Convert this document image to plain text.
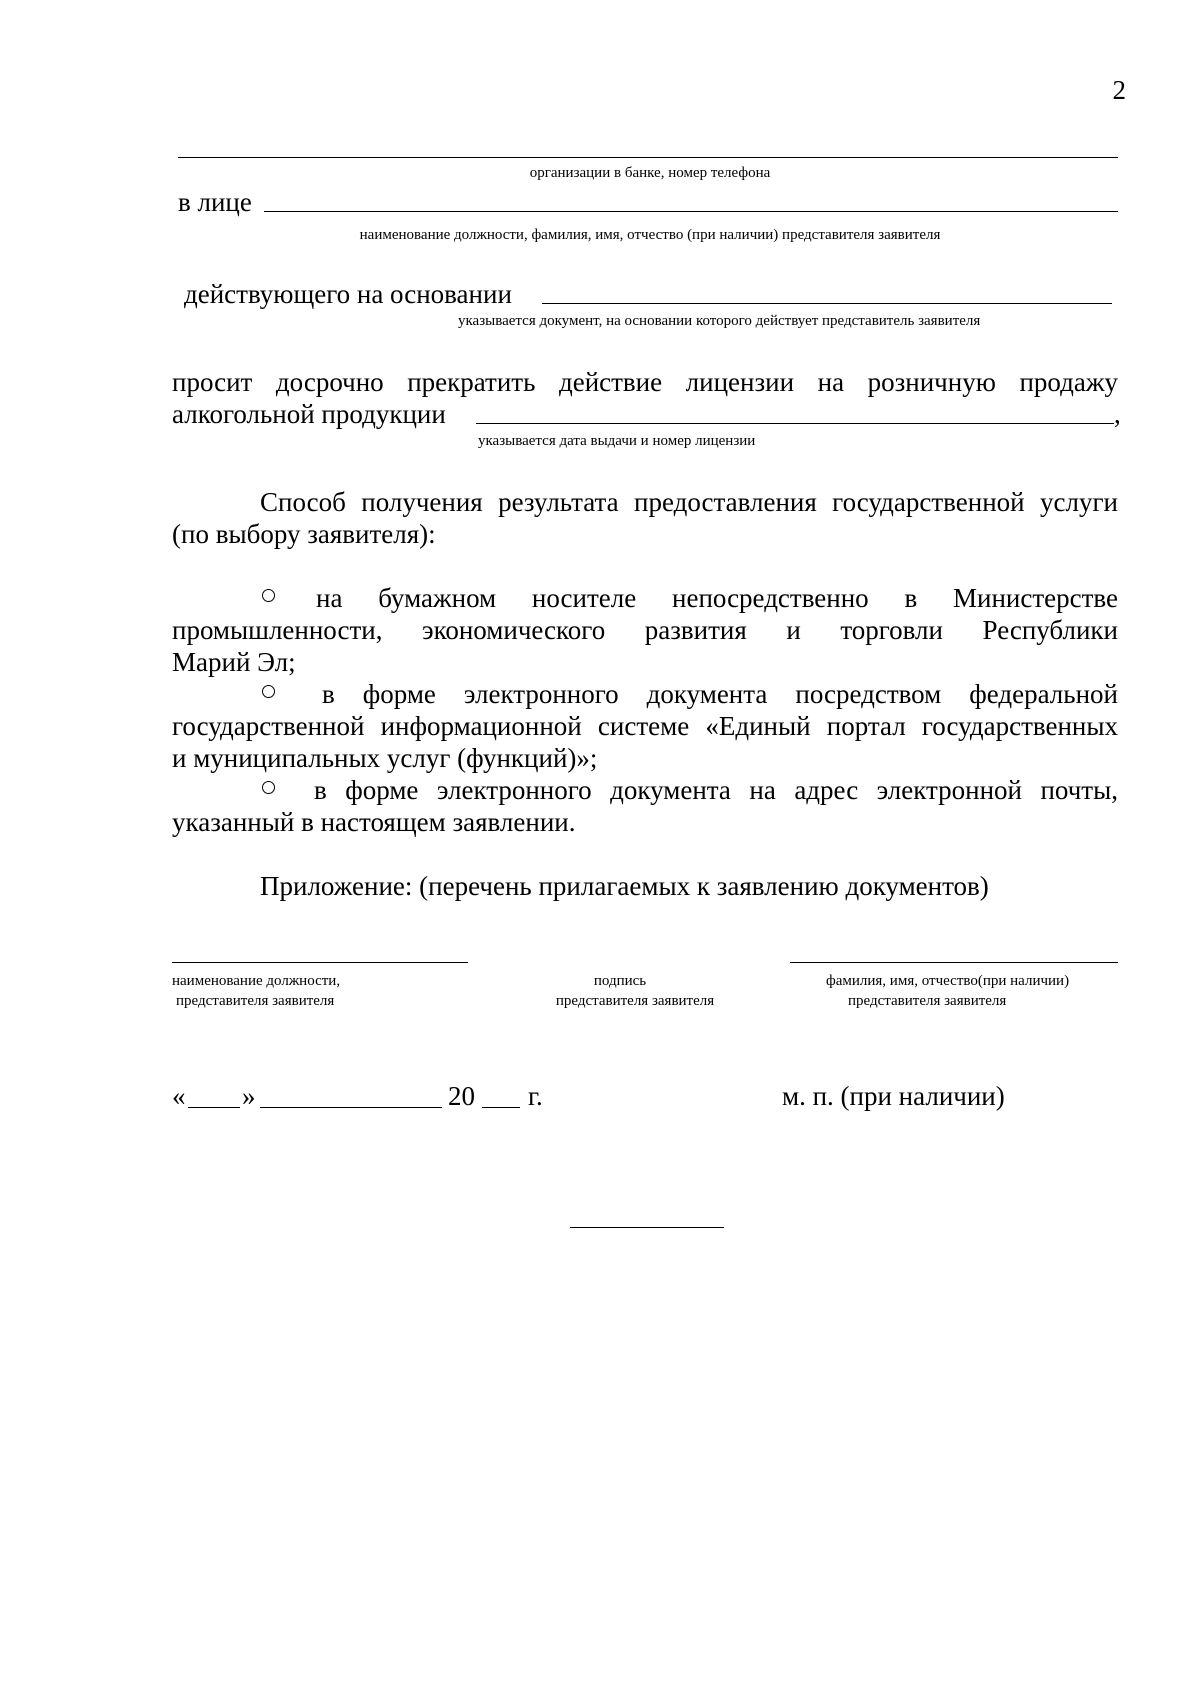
2
организации в банке, номер телефона
в лице
наименование должности, фамилия, имя, отчество (при наличии) представителя заявителя
действующего на основании
указывается документ, на основании которого действует представитель заявителя
просит досрочно прекратить действие лицензии на розничную продажу
алкогольной продукции	,
указывается дата выдачи и номер лицензии
Способ получения результата предоставления государственной услуги
(по выбору заявителя):
на бумажном носителе непосредственно в Министерстве
промышленности, экономического развития и торговли Республики
Марий Эл;
в форме электронного документа посредством федеральной
государственной информационной системе «Единый портал государственных
и муниципальных услуг (функций)»;
в форме электронного документа на адрес электронной почты,
указанный в настоящем заявлении.
Приложение: (перечень прилагаемых к заявлению документов)
наименование должности,
представителя заявителя
подпись
представителя заявителя
фамилия, имя, отчество(при наличии)
представителя заявителя
« »	20 г.	м. п. (при наличии)
